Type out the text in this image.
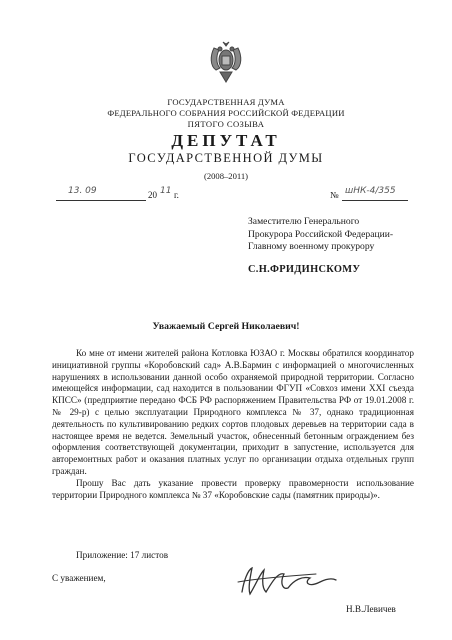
ГОСУДАРСТВЕННАЯ ДУМА
ФЕДЕРАЛЬНОГО СОБРАНИЯ РОССИЙСКОЙ ФЕДЕРАЦИИ
ПЯТОГО СОЗЫВА
ДЕПУТАТ
ГОСУДАРСТВЕННОЙ ДУМЫ
(2008–2011)
13. 09	20 11 г.	№ шНК-4/355
Заместителю Генерального
Прокурора Российской Федерации-
Главному военному прокурору
С.Н.ФРИДИНСКОМУ
Уважаемый Сергей Николаевич!

Ко мне от имени жителей района Котловка ЮЗАО г. Москвы обратился координатор инициативной группы «Коробовский сад» А.В.Бармин с информацией о многочисленных нарушениях в использовании данной особо охраняемой природной территории. Согласно имеющейся информации, сад находится в пользовании ФГУП «Совхоз имени XXI съезда КПСС» (предприятие передано ФСБ РФ распоряжением Правительства РФ от 19.01.2008 г. № 29-р) с целью эксплуатации Природного комплекса № 37, однако традиционная деятельность по культивированию редких сортов плодовых деревьев на территории сада в настоящее время не ведется. Земельный участок, обнесенный бетонным ограждением без оформления соответствующей документации, приходит в запустение, используется для авторемонтных работ и оказания платных услуг по организации отдыха отдельных групп граждан.

Прошу Вас дать указание провести проверку правомерности использование территории Природного комплекса № 37 «Коробовские сады (памятник природы)».

Приложение: 17 листов
С уважением,
Н.В.Левичев
